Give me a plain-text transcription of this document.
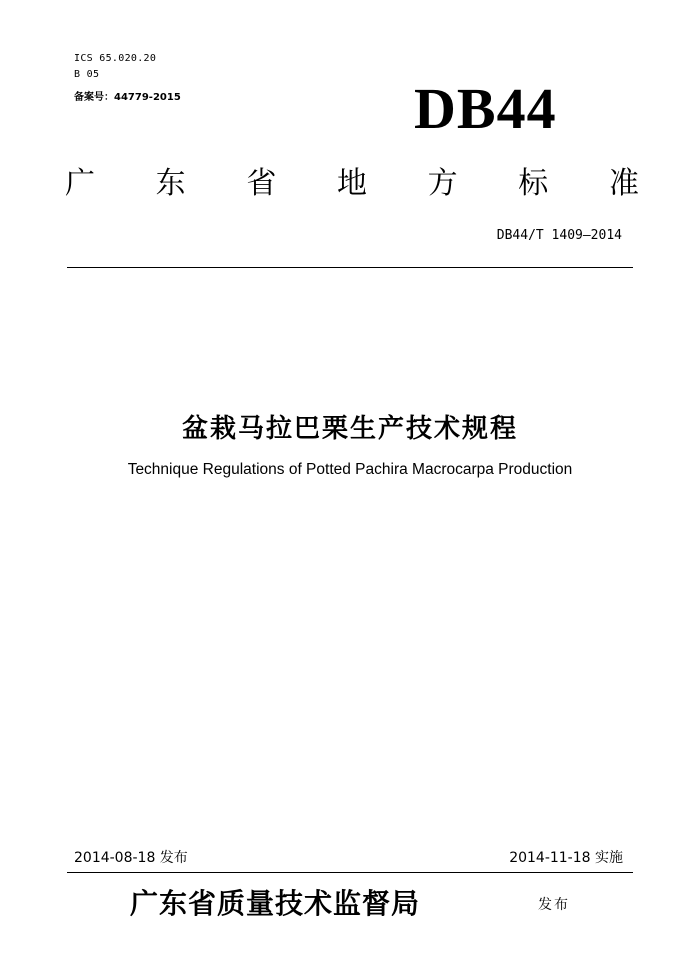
ICS 65.020.20
B 05
备案号：44779-2015	DB44
广 东 省 地 方 标 准
DB44/T 1409—2014
盆栽马拉巴栗生产技术规程
Technique Regulations of Potted Pachira Macrocarpa Production
2014-08-18 发布	2014-11-18 实施
广东省质量技术监督局	发布
